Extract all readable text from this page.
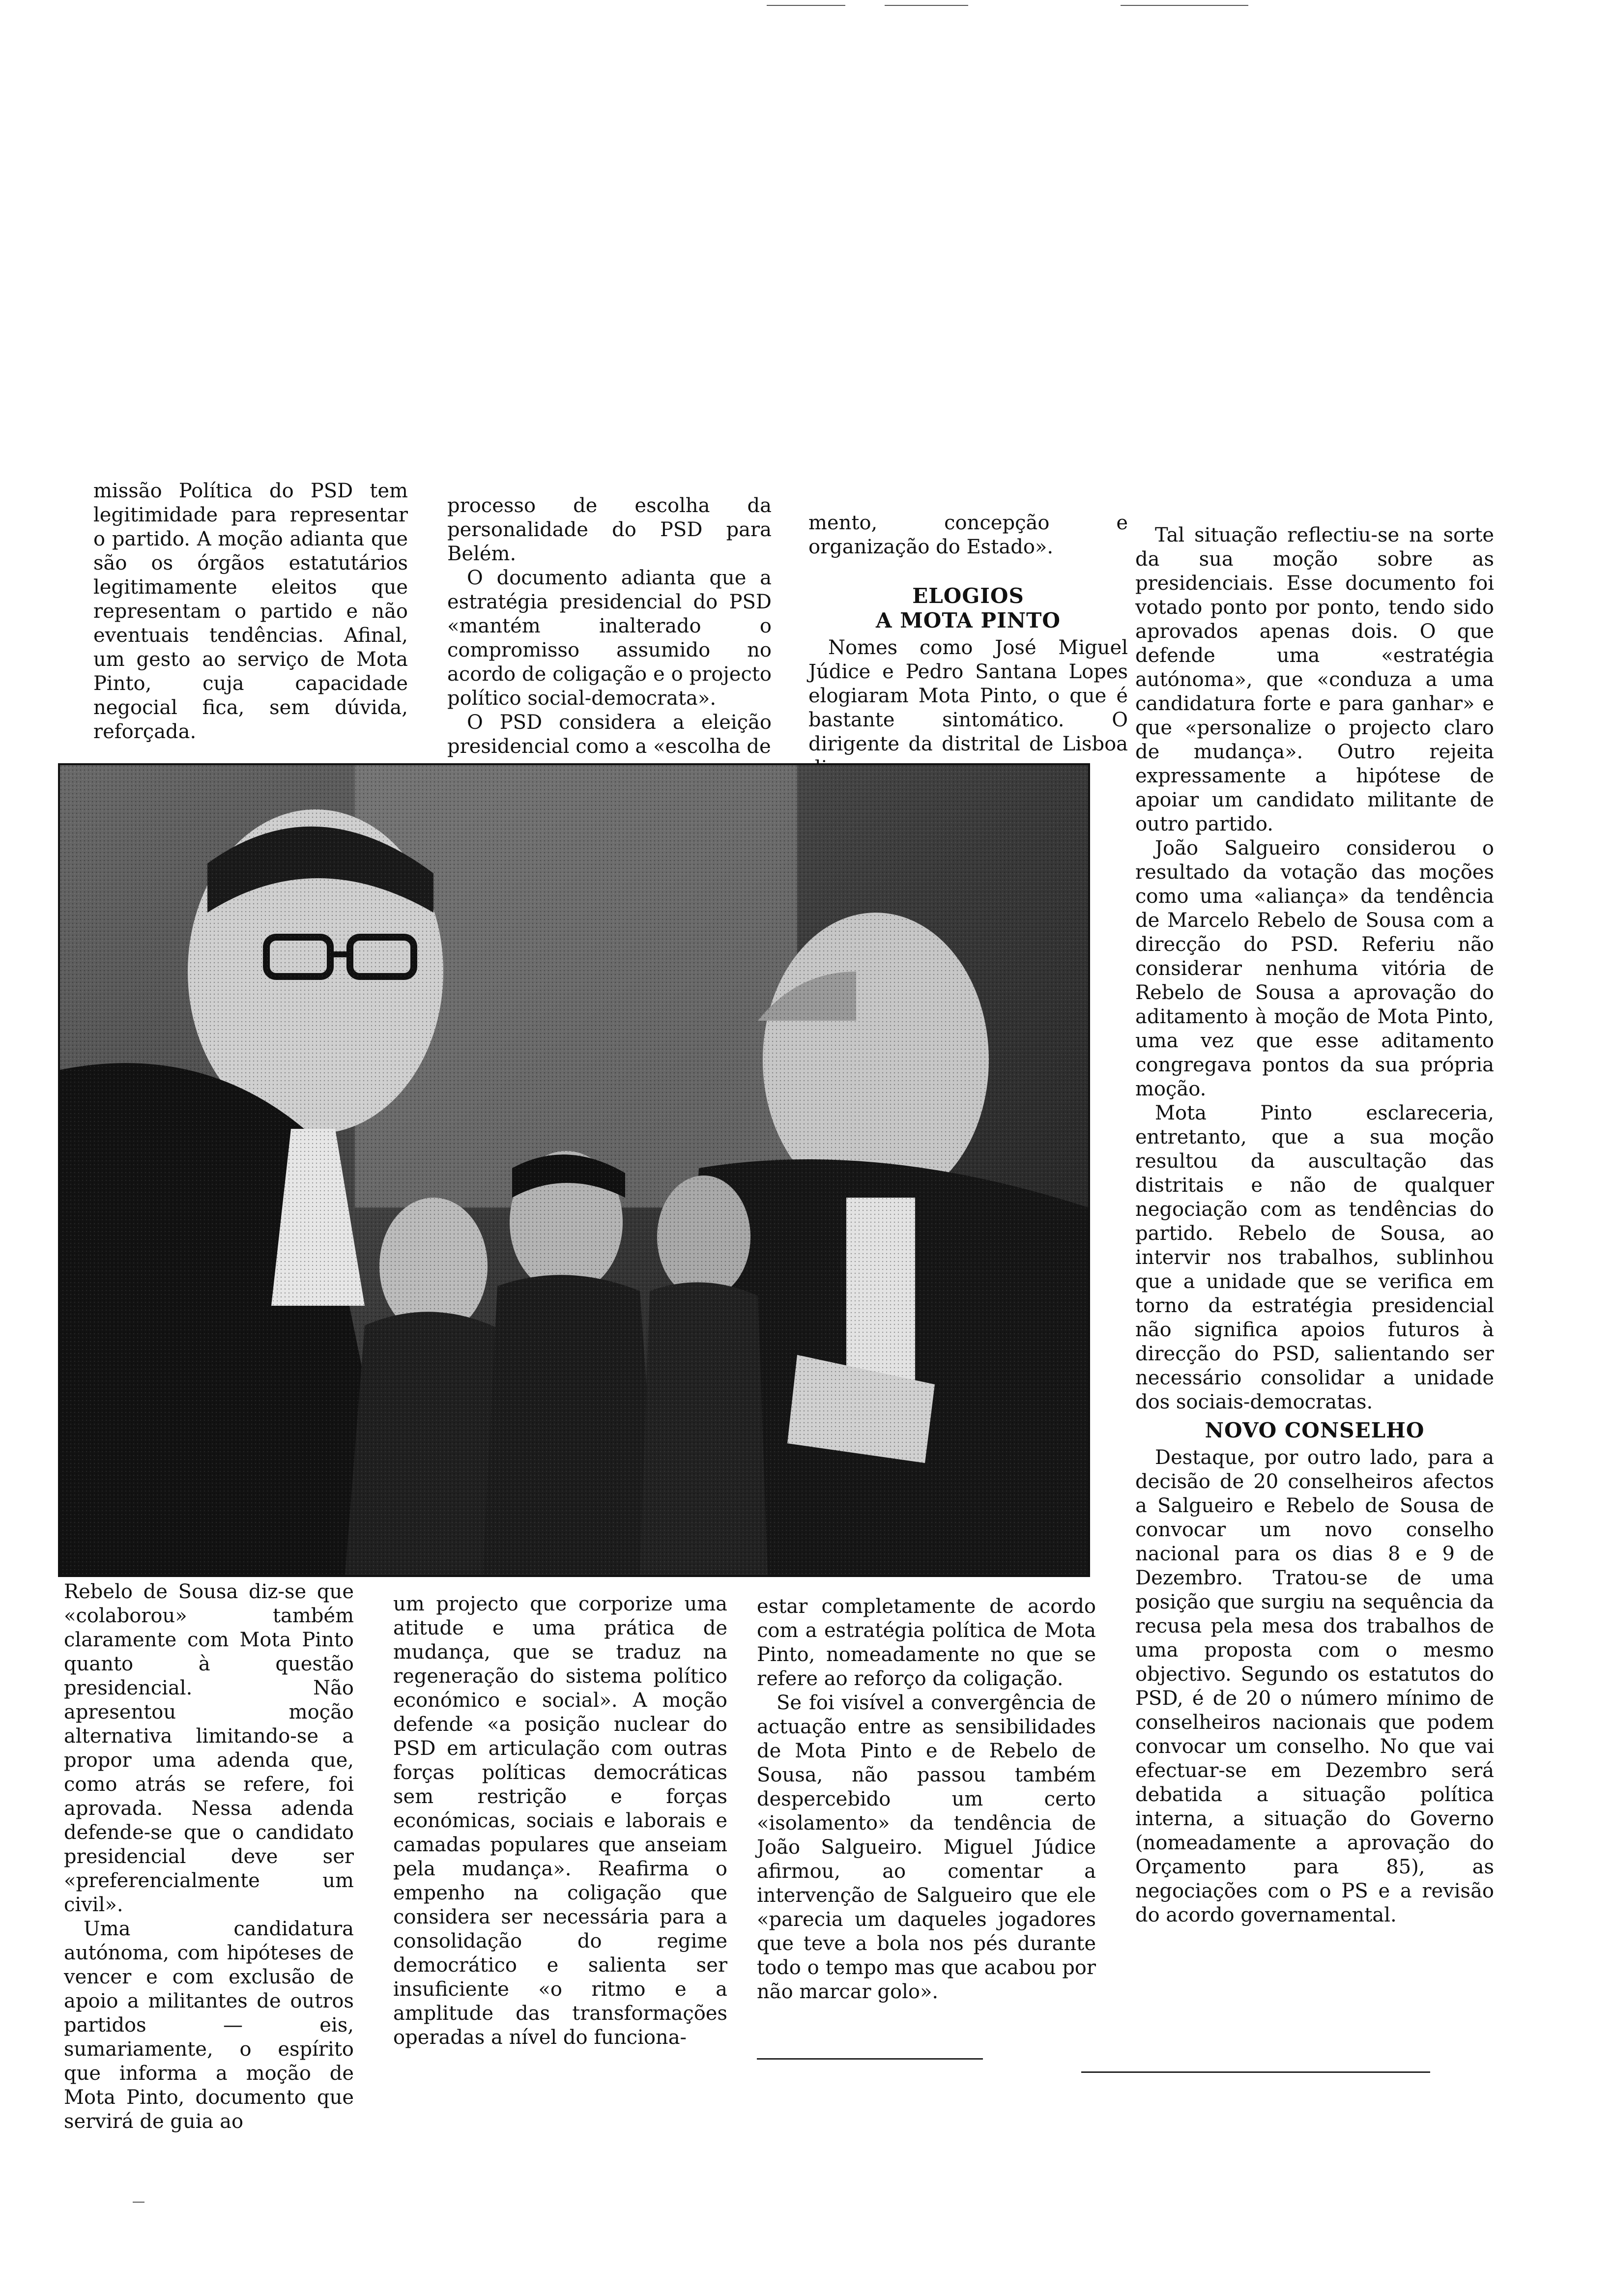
missão Política do PSD tem legitimidade para representar o partido. A moção adianta que são os órgãos estatutários legitimamente eleitos que representam o partido e não eventuais tendências. Afinal, um gesto ao serviço de Mota Pinto, cuja capacidade negocial fica, sem dúvida, reforçada.

processo de escolha da personalidade do PSD para Belém.

O documento adianta que a estratégia presidencial do PSD «mantém inalterado o compromisso assumido no acordo de coligação e o projecto político social-democrata».

O PSD considera a eleição presidencial como a «escolha de

mento, concepção e organização do Estado».

ELOGIOS
A MOTA PINTO

Nomes como José Miguel Júdice e Pedro Santana Lopes elogiaram Mota Pinto, o que é bastante sintomático. O dirigente da distrital de Lisboa

Tal situação reflectiu-se na sorte da sua moção sobre as presidenciais. Esse documento foi votado ponto por ponto, tendo sido aprovados apenas dois. O que defende uma «estratégia autónoma», que «conduza a uma candidatura forte e para ganhar» e que «personalize o projecto claro de mudança». Outro rejeita expressamente a hipótese de apoiar um candidato militante de outro partido.

João Salgueiro considerou o resultado da votação das moções como uma «aliança» da tendência de Marcelo Rebelo de Sousa com a direcção do PSD. Referiu não considerar nenhuma vitória de Rebelo de Sousa a aprovação do aditamento à moção de Mota Pinto, uma vez que esse aditamento congregava pontos da sua própria moção.

Mota Pinto esclareceria, entretanto, que a sua moção resultou da auscultação das distritais e não de qualquer negociação com as tendências do partido. Rebelo de Sousa, ao intervir nos trabalhos, sublinhou que a unidade que se verifica em torno da estratégia presidencial não significa apoios futuros à direcção do PSD, salientando ser necessário consolidar a unidade dos sociais-democratas.

NOVO CONSELHO

Destaque, por outro lado, para a decisão de 20 conselheiros afectos a Salgueiro e Rebelo de Sousa de convocar um novo conselho nacional para os dias 8 e 9 de Dezembro. Tratou-se de uma posição que surgiu na sequência da recusa pela mesa dos trabalhos de uma proposta com o mesmo objectivo. Segundo os estatutos do PSD, é de 20 o número mínimo de conselheiros nacionais que podem convocar um conselho. No que vai efectuar-se em Dezembro será debatida a situação política interna, a situação do Governo (nomeadamente a aprovação do Orçamento para 85), as negociações com o PS e a revisão do acordo governamental.

Rebelo de Sousa diz-se que «colaborou» também claramente com Mota Pinto quanto à questão presidencial. Não apresentou moção alternativa limitando-se a propor uma adenda que, como atrás se refere, foi aprovada. Nessa adenda defende-se que o candidato presidencial deve ser «preferencialmente um civil».

Uma candidatura autónoma, com hipóteses de vencer e com exclusão de apoio a militantes de outros partidos — eis, sumariamente, o espírito que informa a moção de Mota Pinto, documento que servirá de guia ao

um projecto que corporize uma atitude e uma prática de mudança, que se traduz na regeneração do sistema político económico e social». A moção defende «a posição nuclear do PSD em articulação com outras forças políticas democráticas sem restrição e forças económicas, sociais e laborais e camadas populares que anseiam pela mudança». Reafirma o empenho na coligação que considera ser necessária para a consolidação do regime democrático e salienta ser insuficiente «o ritmo e a amplitude das transformações operadas a nível do funciona-

estar completamente de acordo com a estratégia política de Mota Pinto, nomeadamente no que se refere ao reforço da coligação.

Se foi visível a convergência de actuação entre as sensibilidades de Mota Pinto e de Rebelo de Sousa, não passou também despercebido um certo «isolamento» da tendência de João Salgueiro. Miguel Júdice afirmou, ao comentar a intervenção de Salgueiro que ele «parecia um daqueles jogadores que teve a bola nos pés durante todo o tempo mas que acabou por não marcar golo».
